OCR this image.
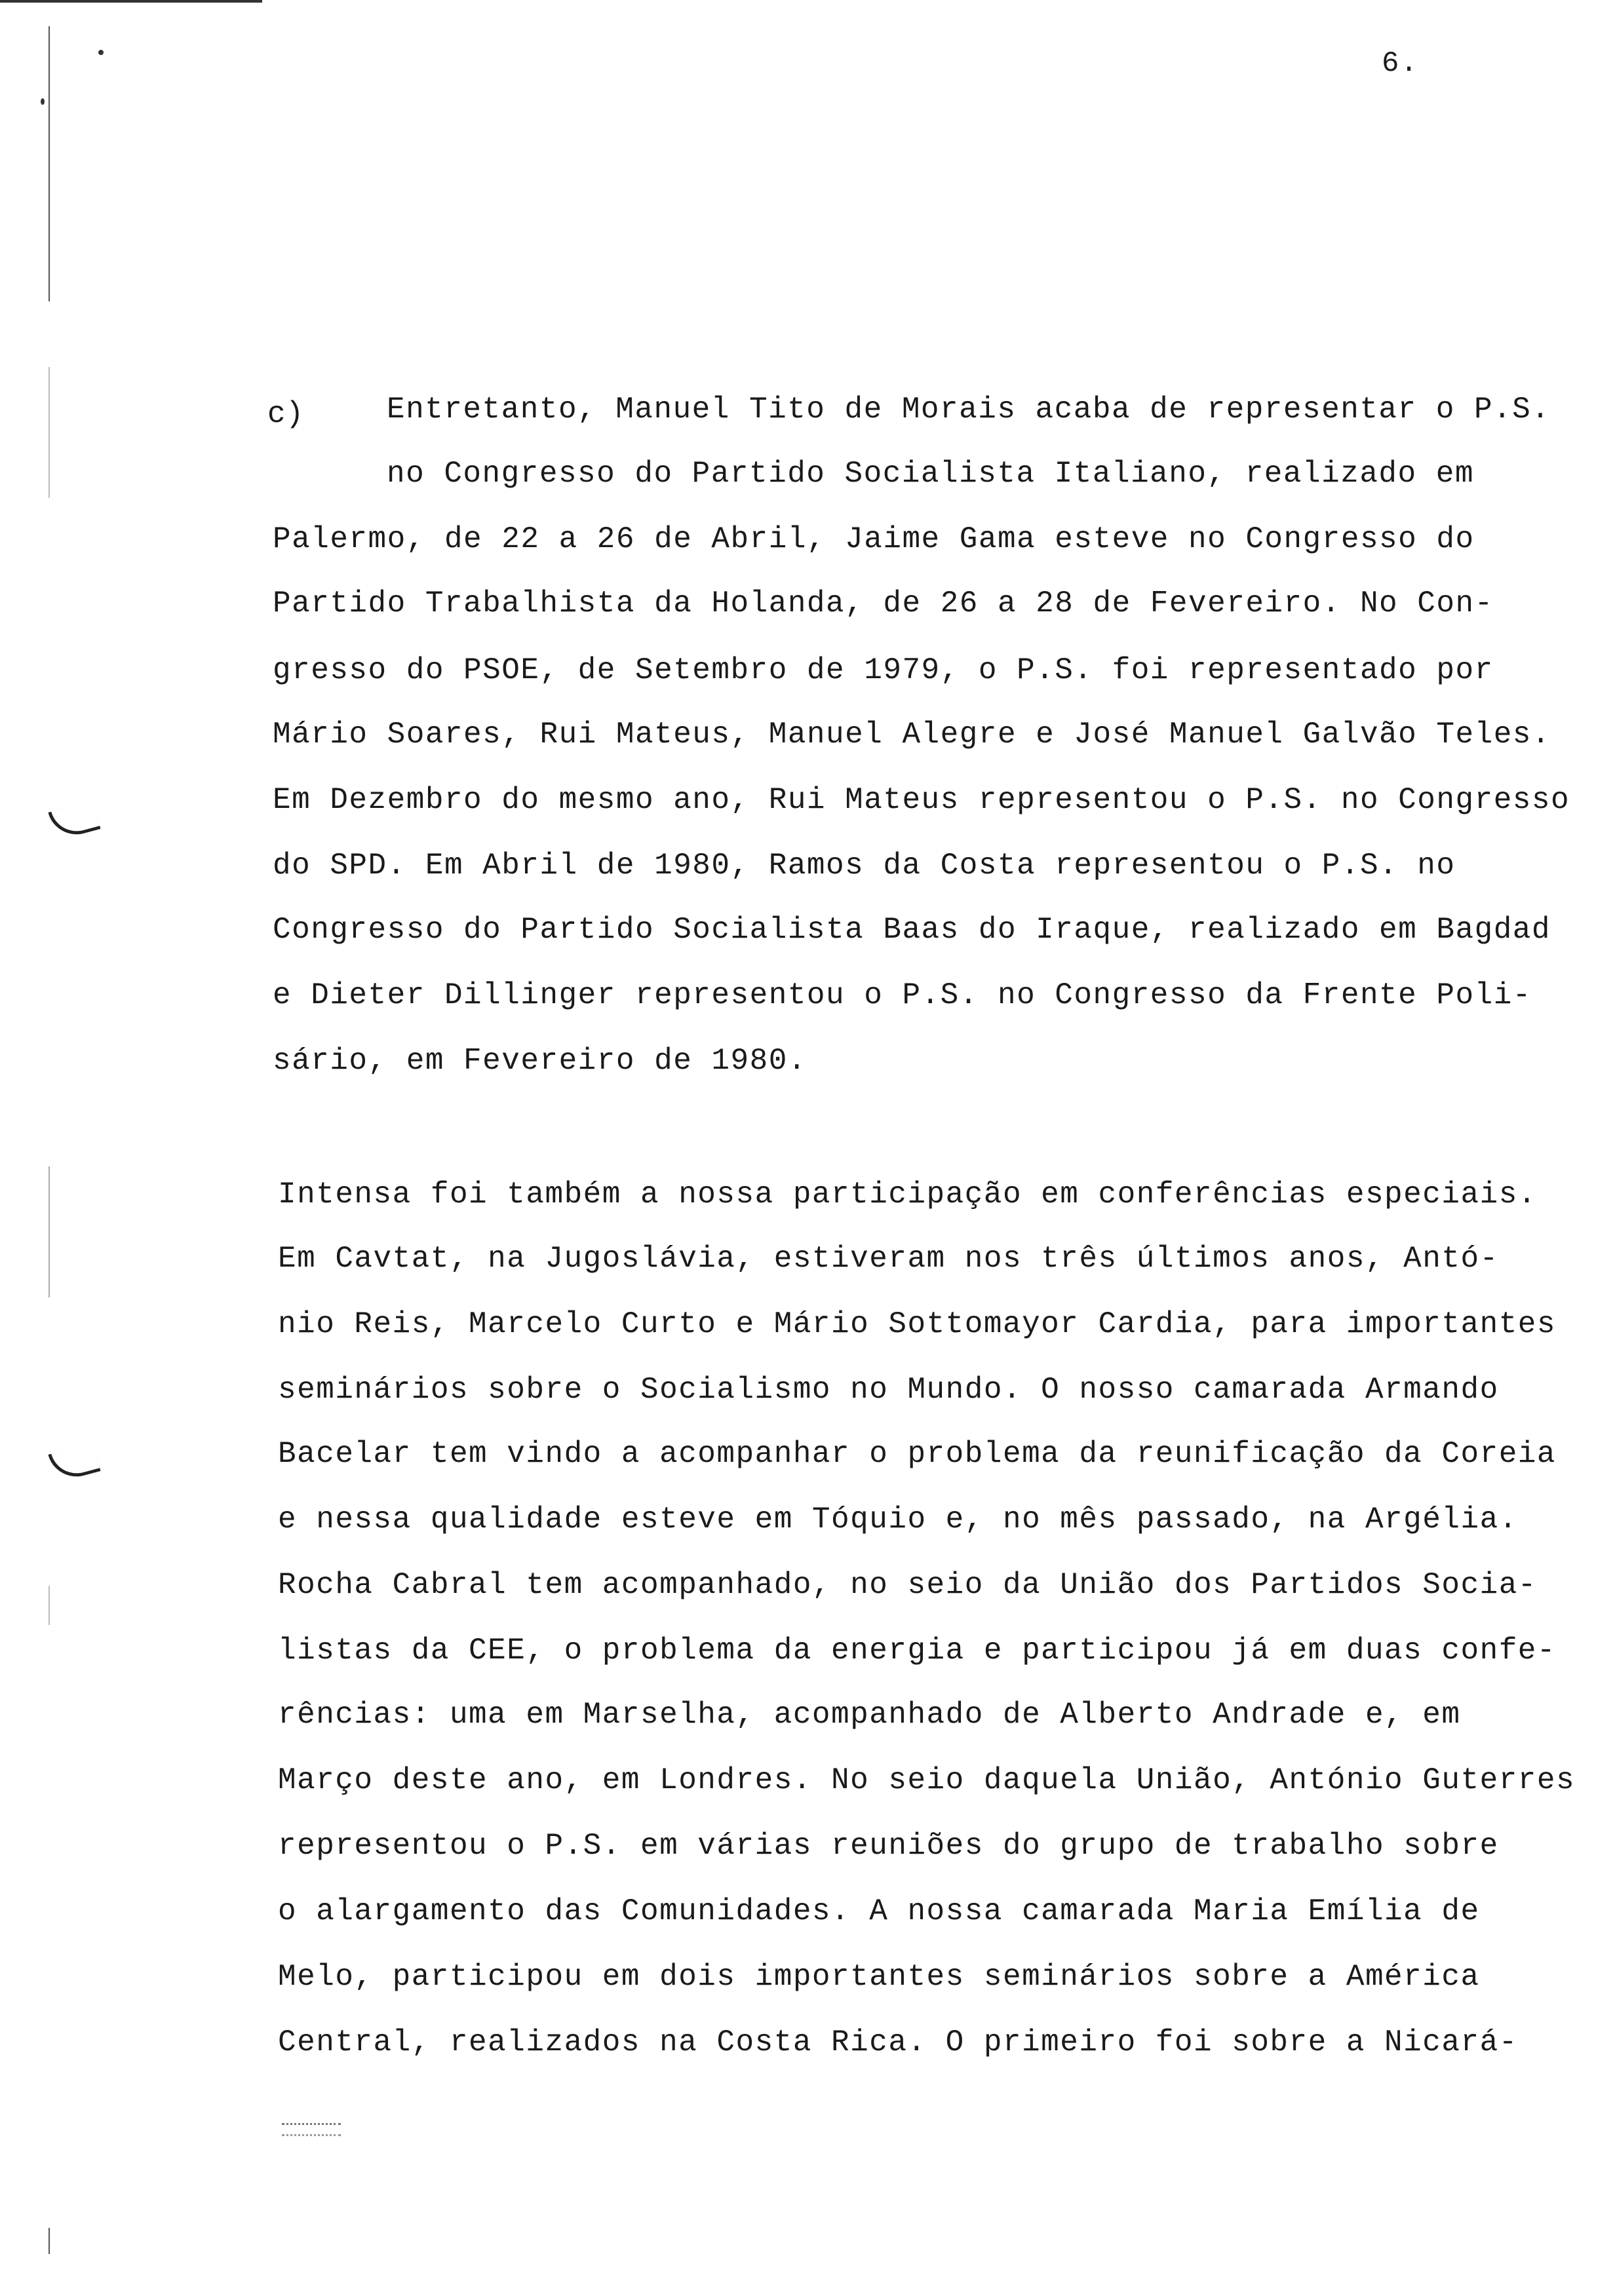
6.
c)	Entretanto, Manuel Tito de Morais acaba de representar o P.S.
no Congresso do Partido Socialista Italiano, realizado em
Palermo, de 22 a 26 de Abril, Jaime Gama esteve no Congresso do
Partido Trabalhista da Holanda, de 26 a 28 de Fevereiro. No Con-
gresso do PSOE, de Setembro de 1979, o P.S. foi representado por
Mário Soares, Rui Mateus, Manuel Alegre e José Manuel Galvão Teles.
Em Dezembro do mesmo ano, Rui Mateus representou o P.S. no Congresso
do SPD. Em Abril de 1980, Ramos da Costa representou o P.S. no
Congresso do Partido Socialista Baas do Iraque, realizado em Bagdad
e Dieter Dillinger representou o P.S. no Congresso da Frente Poli-
sário, em Fevereiro de 1980.
Intensa foi também a nossa participação em conferências especiais.
Em Cavtat, na Jugoslávia, estiveram nos três últimos anos, Antó-
nio Reis, Marcelo Curto e Mário Sottomayor Cardia, para importantes
seminários sobre o Socialismo no Mundo. O nosso camarada Armando
Bacelar tem vindo a acompanhar o problema da reunificação da Coreia
e nessa qualidade esteve em Tóquio e, no mês passado, na Argélia.
Rocha Cabral tem acompanhado, no seio da União dos Partidos Socia-
listas da CEE, o problema da energia e participou já em duas confe-
rências: uma em Marselha, acompanhado de Alberto Andrade e, em
Março deste ano, em Londres. No seio daquela União, António Guterres
representou o P.S. em várias reuniões do grupo de trabalho sobre
o alargamento das Comunidades. A nossa camarada Maria Emília de
Melo, participou em dois importantes seminários sobre a América
Central, realizados na Costa Rica. O primeiro foi sobre a Nicará-
